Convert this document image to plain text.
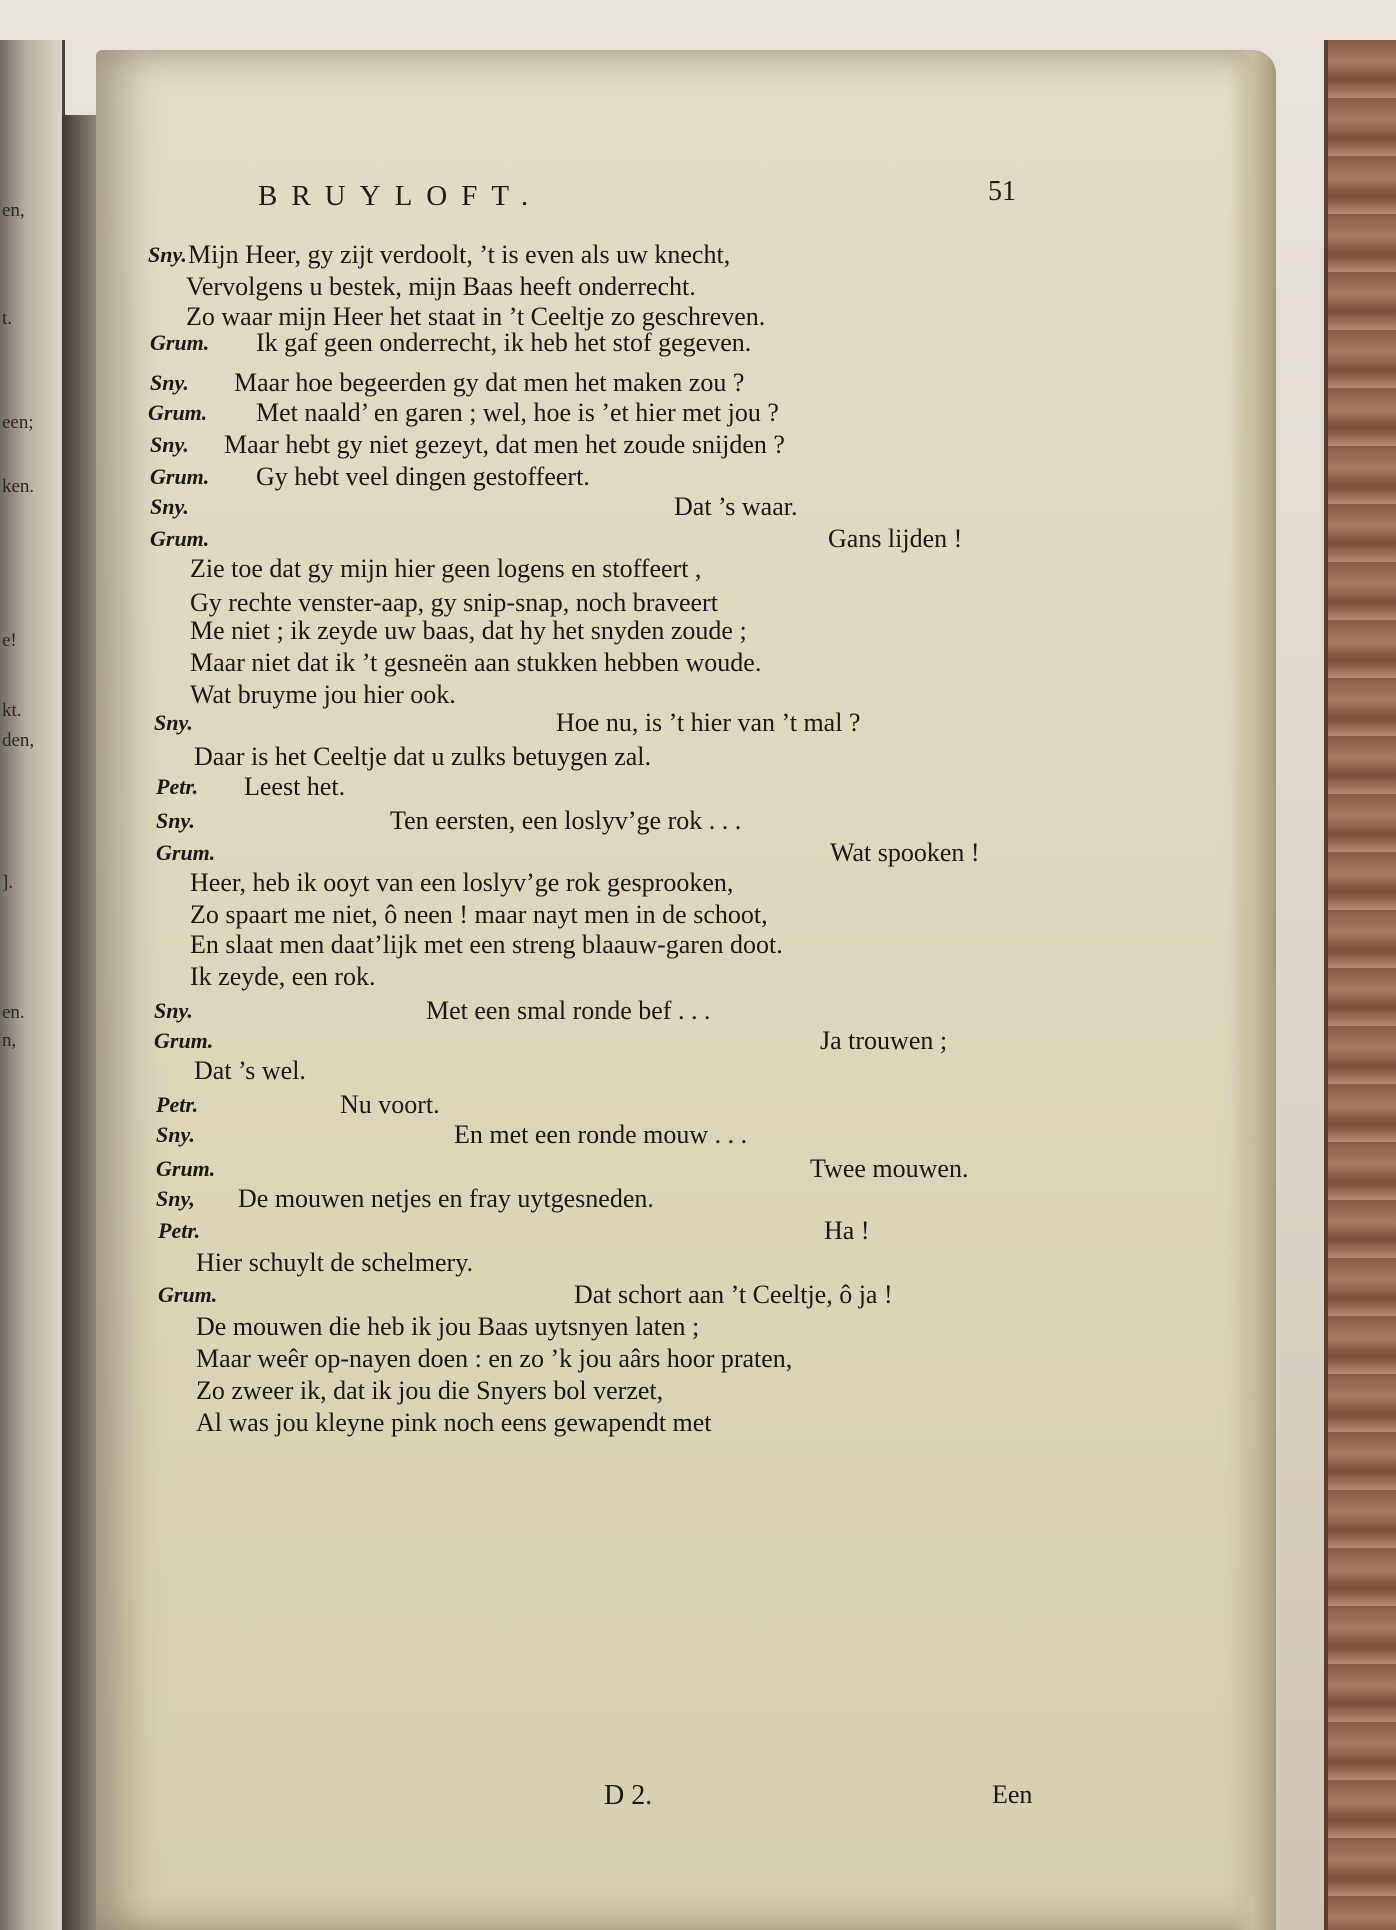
en,
t.
een;
ken.
e!
kt.
den,
].
en.
n,
BRUYLOFT.	51
Sny. Mijn Heer, gy zijt verdoolt, ’t is even als uw knecht,
Vervolgens u bestek, mijn Baas heeft onderrecht.
Zo waar mijn Heer het staat in ’t Ceeltje zo geschreven.
Grum. Ik gaf geen onderrecht, ik heb het stof gegeven.
Sny. Maar hoe begeerden gy dat men het maken zou ?
Grum. Met naald’ en garen ; wel, hoe is ’et hier met jou ?
Sny. Maar hebt gy niet gezeyt, dat men het zoude snijden ?
Grum. Gy hebt veel dingen gestoffeert.
Sny.	Dat ’s waar.
Grum.	Gans lijden !
Zie toe dat gy mijn hier geen logens en stoffeert ,
Gy rechte venster-aap, gy snip-snap, noch braveert
Me niet ; ik zeyde uw baas, dat hy het snyden zoude ;
Maar niet dat ik ’t gesneën aan stukken hebben woude.
Wat bruyme jou hier ook.
Sny.	Hoe nu, is ’t hier van ’t mal ?
Daar is het Ceeltje dat u zulks betuygen zal.
Petr. Leest het.
Sny.	Ten eersten, een loslyv’ge rok . . .
Grum.	Wat spooken !
Heer, heb ik ooyt van een loslyv’ge rok gesprooken,
Zo spaart me niet, ô neen ! maar nayt men in de schoot,
En slaat men daat’lijk met een streng blaauw-garen doot.
Ik zeyde, een rok.
Sny.	Met een smal ronde bef . . .
Grum.	Ja trouwen ;
Dat ’s wel.
Petr.	Nu voort.
Sny.	En met een ronde mouw . . .
Grum.	Twee mouwen.
Sny, De mouwen netjes en fray uytgesneden.
Petr.	Ha !
Hier schuylt de schelmery.
Grum.	Dat schort aan ’t Ceeltje, ô ja !
De mouwen die heb ik jou Baas uytsnyen laten ;
Maar weêr op-nayen doen : en zo ’k jou aârs hoor praten,
Zo zweer ik, dat ik jou die Snyers bol verzet,
Al was jou kleyne pink noch eens gewapendt met
D 2.	Een
